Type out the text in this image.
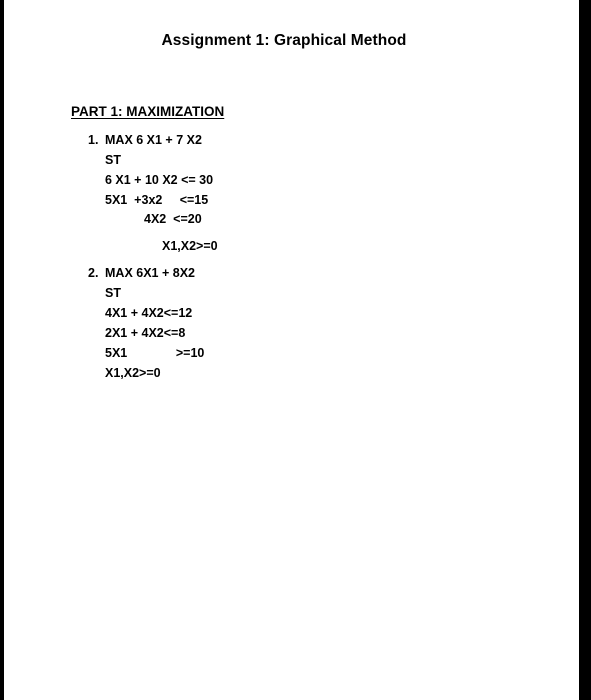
Assignment 1: Graphical Method
PART 1: MAXIMIZATION
1. MAX 6 X1 + 7 X2
ST
6 X1 + 10 X2 <= 30
5X1  +3x2     <=15
4X2  <=20
X1,X2>=0
2. MAX 6X1 + 8X2
ST
4X1 + 4X2<=12
2X1 + 4X2<=8
5X1              >=10
X1,X2>=0
